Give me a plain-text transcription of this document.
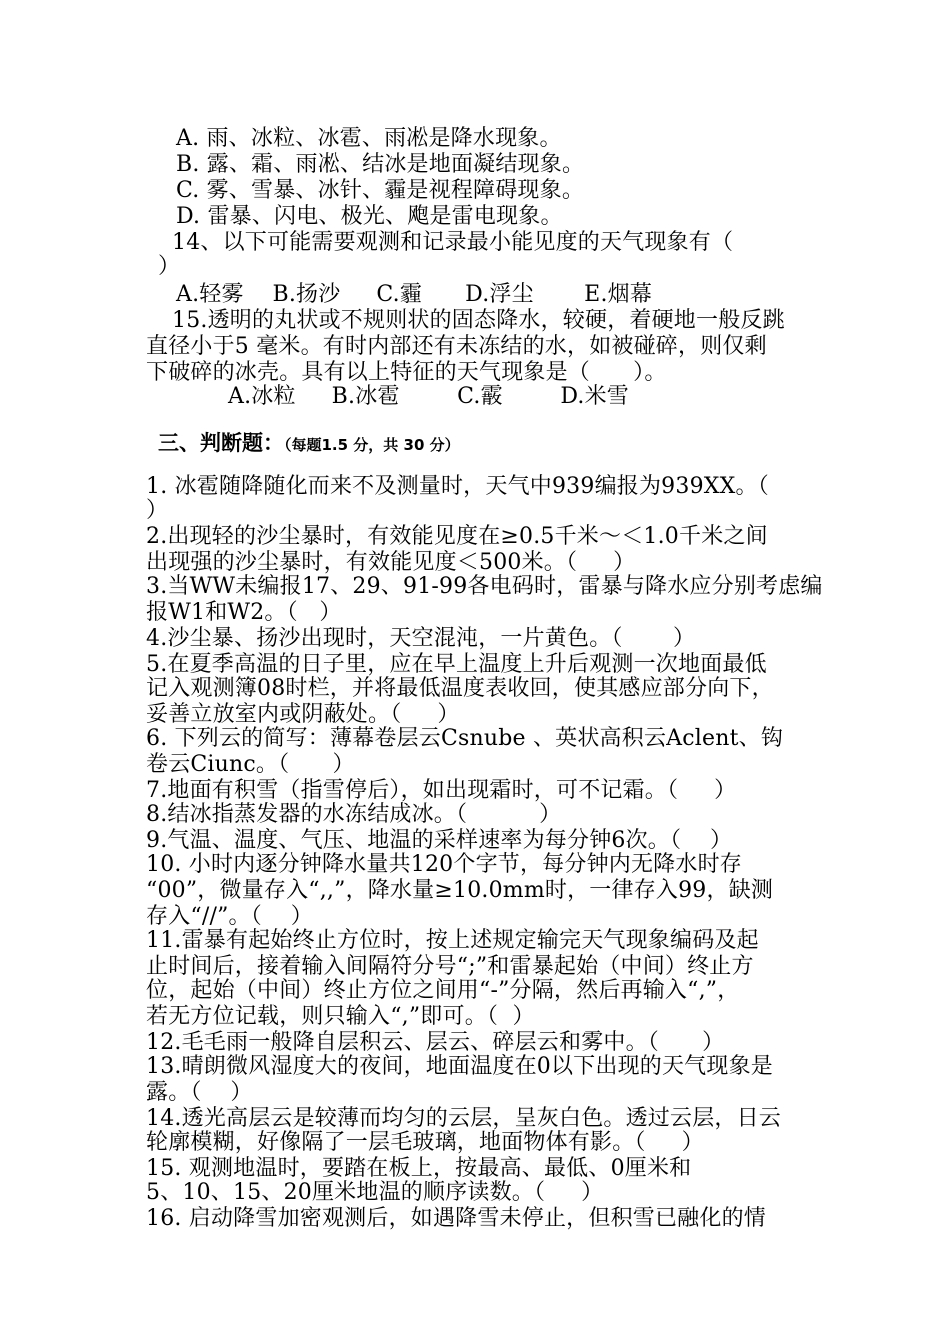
A. 雨、冰粒、冰雹、雨凇是降水现象。
B. 露、霜、雨凇、结冰是地面凝结现象。
C. 雾、雪暴、冰针、霾是视程障碍现象。
D. 雷暴、闪电、极光、飑是雷电现象。
14、以下可能需要观测和记录最小能见度的天气现象有（
）
A.轻雾    B.扬沙     C.霾      D.浮尘       E.烟幕
15.透明的丸状或不规则状的固态降水，较硬，着硬地一般反跳
直径小于5 毫米。有时内部还有未冻结的水，如被碰碎，则仅剩
下破碎的冰壳。具有以上特征的天气现象是（      ）。
A.冰粒     B.冰雹        C.霰        D.米雪
三、判断题：（每题1.5 分，共 30 分）
1. 冰雹随降随化而来不及测量时，天气中939编报为939XX。（
）
2.出现轻的沙尘暴时，有效能见度在≥0.5千米～＜1.0千米之间
出现强的沙尘暴时，有效能见度＜500米。（     ）
3.当WW未编报17、29、91-99各电码时，雷暴与降水应分别考虑编
报W1和W2。（   ）
4.沙尘暴、扬沙出现时，天空混沌，一片黄色。（       ）
5.在夏季高温的日子里，应在早上温度上升后观测一次地面最低
记入观测簿08时栏，并将最低温度表收回，使其感应部分向下，
妥善立放室内或阴蔽处。（     ）
6. 下列云的简写：薄幕卷层云Csnube 、英状高积云Aclent、钩
卷云Ciunc。（      ）
7.地面有积雪（指雪停后），如出现霜时，可不记霜。（     ）
8.结冰指蒸发器的水冻结成冰。（          ）
9.气温、温度、气压、地温的采样速率为每分钟6次。（    ）
10. 小时内逐分钟降水量共120个字节，每分钟内无降水时存
“00”，微量存入“,,”，降水量≥10.0mm时，一律存入99，缺测
存入“//”。（    ）
11.雷暴有起始终止方位时，按上述规定输完天气现象编码及起
止时间后，接着输入间隔符分号“;”和雷暴起始（中间）终止方
位，起始（中间）终止方位之间用“-”分隔，然后再输入“,”，
若无方位记载，则只输入“,”即可。（  ）
12.毛毛雨一般降自层积云、层云、碎层云和雾中。（      ）
13.晴朗微风湿度大的夜间，地面温度在0以下出现的天气现象是
露。（    ）
14.透光高层云是较薄而均匀的云层，呈灰白色。透过云层，日云
轮廓模糊，好像隔了一层毛玻璃，地面物体有影。（     ）
15. 观测地温时，要踏在板上，按最高、最低、0厘米和
5、10、15、20厘米地温的顺序读数。（     ）
16. 启动降雪加密观测后，如遇降雪未停止，但积雪已融化的情
